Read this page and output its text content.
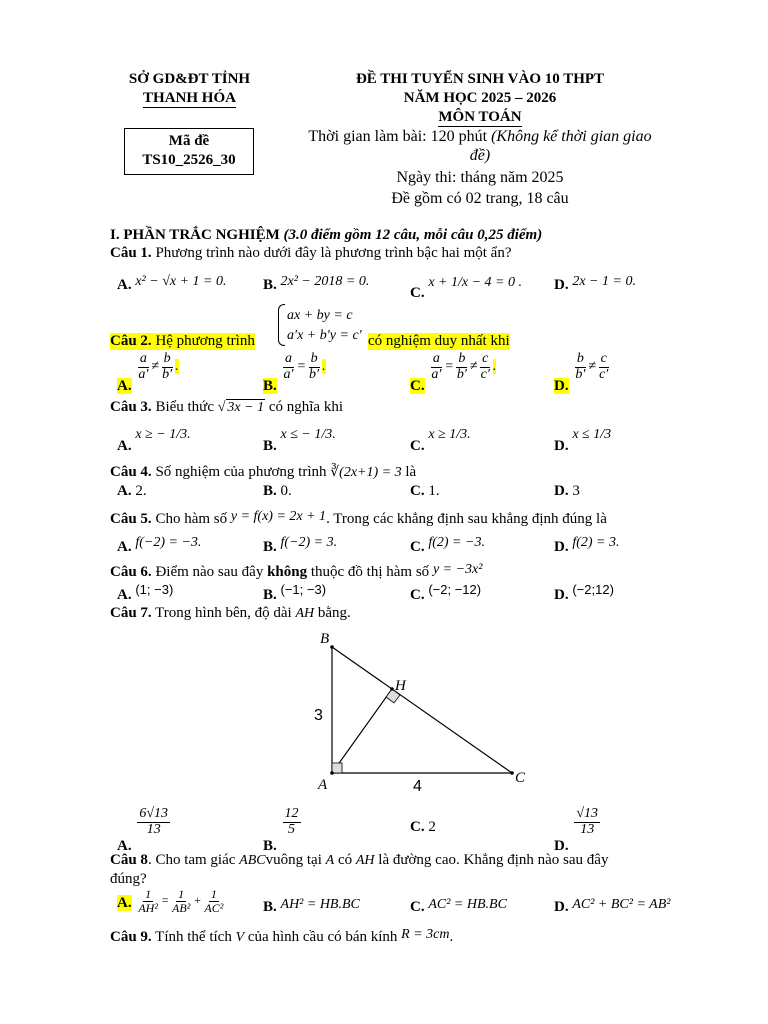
SỞ GD&ĐT TỈNH
THANH HÓA
Mã đề
TS10_2526_30
ĐỀ THI TUYỂN SINH VÀO 10 THPT
NĂM HỌC 2025 – 2026
MÔN TOÁN
Thời gian làm bài: 120 phút (Không kể thời gian giao
đề)
Ngày thi: tháng năm 2025
Đề gồm có 02 trang, 18 câu
I. PHẦN TRẮC NGHIỆM (3.0 điểm gồm 12 câu, mỗi câu 0,25 điểm)
Câu 1. Phương trình nào dưới đây là phương trình bậc hai một ẩn?
A. x² − √x + 1 = 0. B. 2x² − 2018 = 0.
C. x + 1/x − 4 = 0 . D. 2x − 1 = 0.
ax + by = c
a′x + b′y = c′
Câu 2. Hệ phương trình	có nghiệm duy nhất khi
A.
$\frac{a}{a'} \ne \frac{b}{b'}$ .
B.
$\frac{a}{a'} = \frac{b}{b'}$ .
C.
$\frac{a}{a'} = \frac{b}{b'} \ne \frac{c}{c'}$ .
D.
$\frac{b}{b'} \ne \frac{c}{c'}$
Câu 3. Biểu thức √ 3x − 1 có nghĩa khi
A. x ≥ − 1/3.
B. x ≤ − 1/3.
C. x ≥ 1/3.
D. x ≤ 1/3
Câu 4. Số nghiệm của phương trình ∛(2x+1) = 3 là
A. 2.	B. 0.	C. 1.	D. 3
Câu 5. Cho hàm số y = f(x) = 2x + 1. Trong các khẳng định sau khẳng định đúng là
A. f(−2) = −3.	B. f(−2) = 3.	C. f(2) = −3.	D. f(2) = 3.
Câu 6. Điểm nào sau đây không thuộc đồ thị hàm số y = −3x²
A. (1; −3)	B. (−1; −3)	C. (−2; −12)	D. (−2;12)
Câu 7. Trong hình bên, độ dài AH bằng.
B
H
A	C
3
4
A.
$\frac{6√13}{13}$
B.
$\frac{12}{5}$	C. 2
D.
$\frac{√13}{13}$
Câu 8. Cho tam giác ABCvuông tại A có AH là đường cao. Khẳng định nào sau đây
đúng?
A. $\frac{1}{\text{AH²}} = \frac{1}{\text{AB²}} + \frac{1}{\text{AC²}}$	B. AH² = HB.BC	C. AC² = HB.BC	D. AC² + BC² = AB²
Câu 9. Tính thể tích V của hình cầu có bán kính R = 3cm.
